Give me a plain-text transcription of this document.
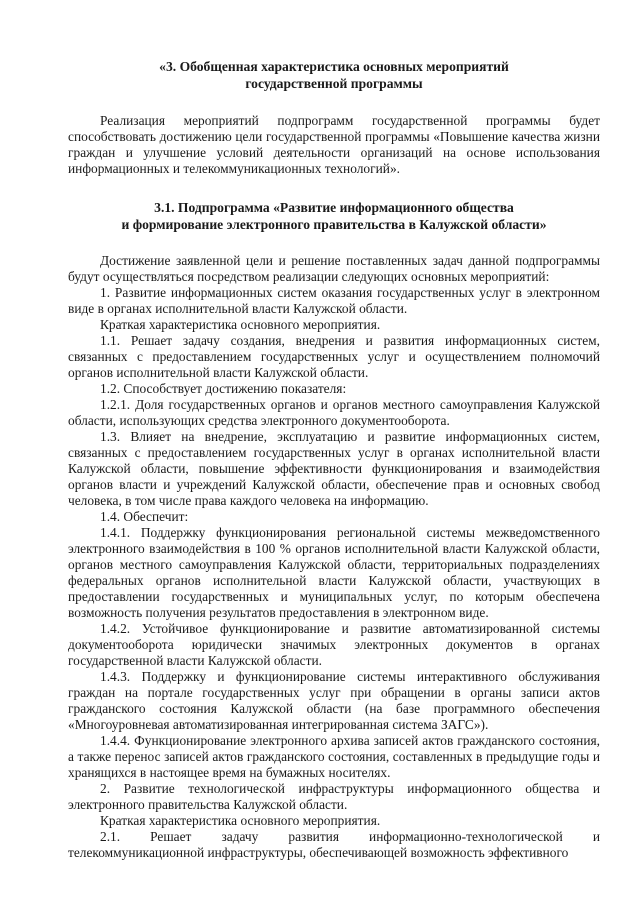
«3. Обобщенная характеристика основных мероприятий
государственной программы

Реализация мероприятий подпрограмм государственной программы будет способствовать достижению цели государственной программы «Повышение качества жизни граждан и улучшение условий деятельности организаций на основе использования информационных и телекоммуникационных технологий».

3.1. Подпрограмма «Развитие информационного общества
и формирование электронного правительства в Калужской области»

Достижение заявленной цели и решение поставленных задач данной подпрограммы будут осуществляться посредством реализации следующих основных мероприятий:

1. Развитие информационных систем оказания государственных услуг в электронном виде в органах исполнительной власти Калужской области.

Краткая характеристика основного мероприятия.

1.1. Решает задачу создания, внедрения и развития информационных систем, связанных с предоставлением государственных услуг и осуществлением полномочий органов исполнительной власти Калужской области.

1.2. Способствует достижению показателя:

1.2.1. Доля государственных органов и органов местного самоуправления Калужской области, использующих средства электронного документооборота.

1.3. Влияет на внедрение, эксплуатацию и развитие информационных систем, связанных с предоставлением государственных услуг в органах исполнительной власти Калужской области, повышение эффективности функционирования и взаимодействия органов власти и учреждений Калужской области, обеспечение прав и основных свобод человека, в том числе права каждого человека на информацию.

1.4. Обеспечит:

1.4.1. Поддержку функционирования региональной системы межведомственного электронного взаимодействия в 100 % органов исполнительной власти Калужской области, органов местного самоуправления Калужской области, территориальных подразделениях федеральных органов исполнительной власти Калужской области, участвующих в предоставлении государственных и муниципальных услуг, по которым обеспечена возможность получения результатов предоставления в электронном виде.

1.4.2. Устойчивое функционирование и развитие автоматизированной системы документооборота юридически значимых электронных документов в органах государственной власти Калужской области.

1.4.3. Поддержку и функционирование системы интерактивного обслуживания граждан на портале государственных услуг при обращении в органы записи актов гражданского состояния Калужской области (на базе программного обеспечения «Многоуровневая автоматизированная интегрированная система ЗАГС»).

1.4.4. Функционирование электронного архива записей актов гражданского состояния, а также перенос записей актов гражданского состояния, составленных в предыдущие годы и хранящихся в настоящее время на бумажных носителях.

2. Развитие технологической инфраструктуры информационного общества и электронного правительства Калужской области.

Краткая характеристика основного мероприятия.

2.1. Решает задачу развития информационно-технологической и телекоммуникационной инфраструктуры, обеспечивающей возможность эффективного
